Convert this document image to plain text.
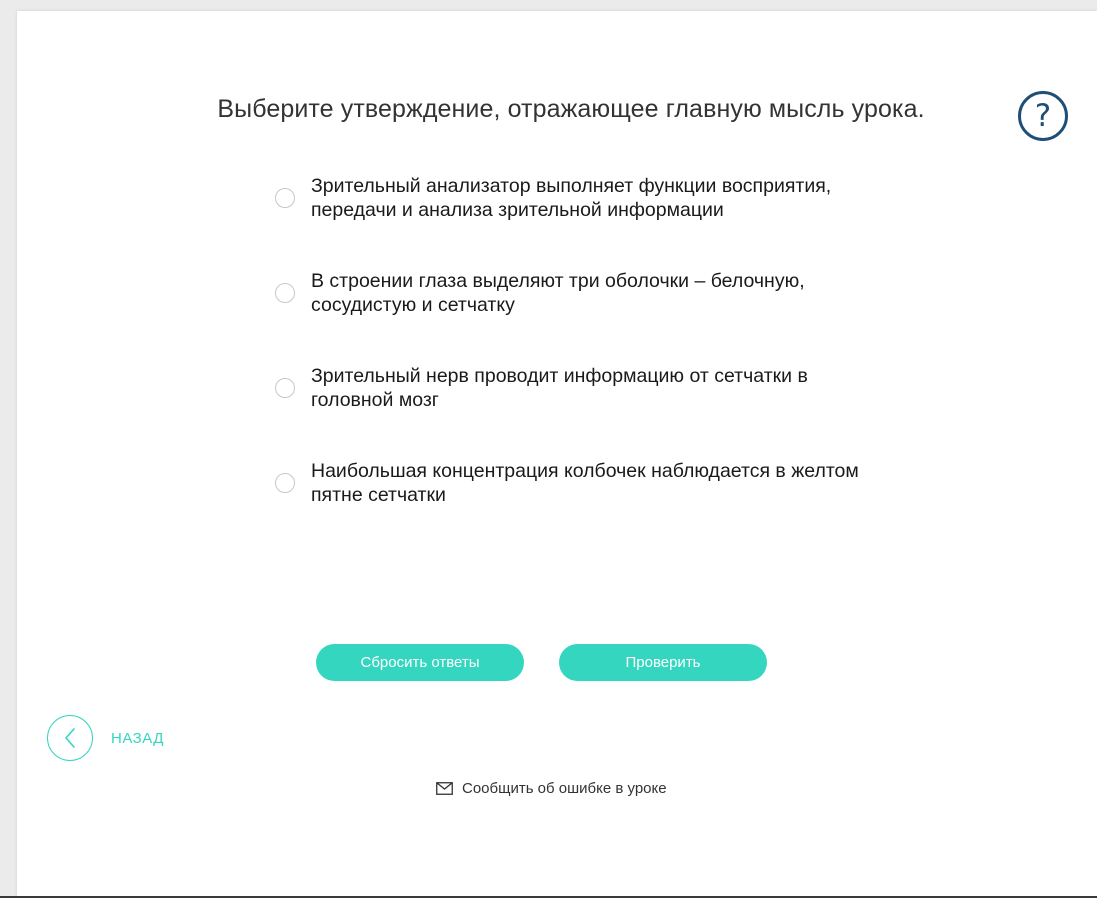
Выберите утверждение, отражающее главную мысль урока.	?
Зрительный анализатор выполняет функции восприятия, передачи и анализа зрительной информации
В строении глаза выделяют три оболочки – белочную, сосудистую и сетчатку
Зрительный нерв проводит информацию от сетчатки в головной мозг
Наибольшая концентрация колбочек наблюдается в желтом пятне сетчатки
Сбросить ответы	Проверить
НАЗАД
Сообщить об ошибке в уроке
